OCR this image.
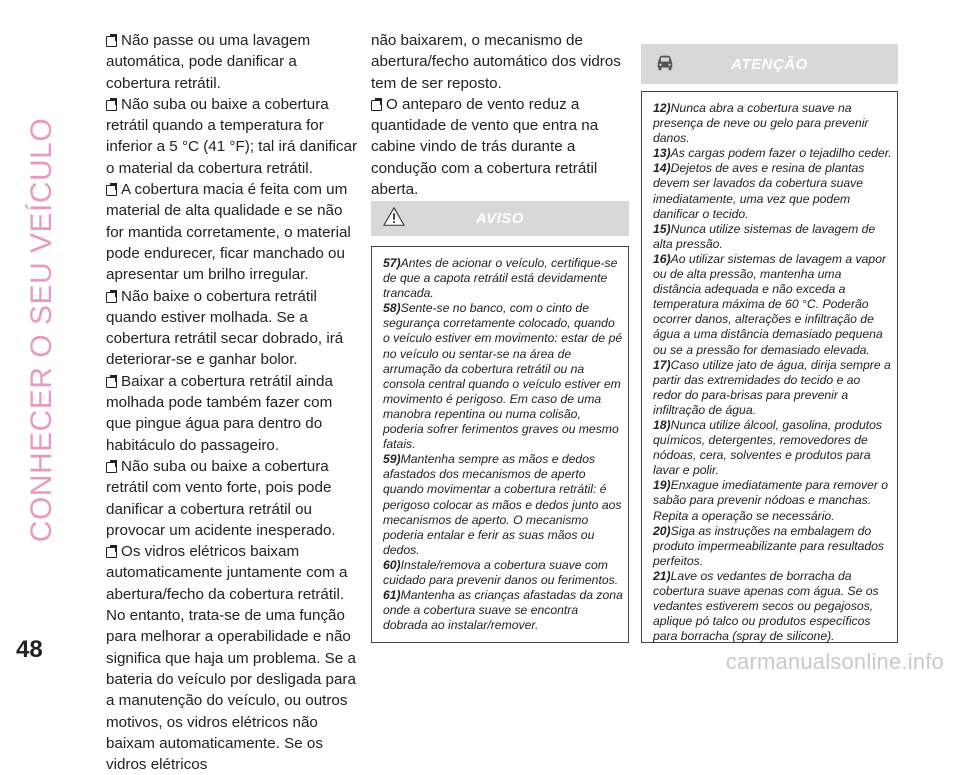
CONHECER O SEU VEÍCULO

Não passe ou uma lavagem automática, pode danificar a cobertura retrátil.

Não suba ou baixe a cobertura retrátil quando a temperatura for inferior a 5 °C (41 °F); tal irá danificar o material da cobertura retrátil.

A cobertura macia é feita com um material de alta qualidade e se não for mantida corretamente, o material pode endurecer, ficar manchado ou apresentar um brilho irregular.

Não baixe o cobertura retrátil quando estiver molhada. Se a cobertura retrátil secar dobrado, irá deteriorar-se e ganhar bolor.

Baixar a cobertura retrátil ainda molhada pode também fazer com que pingue água para dentro do habitáculo do passageiro.

Não suba ou baixe a cobertura retrátil com vento forte, pois pode danificar a cobertura retrátil ou provocar um acidente inesperado.

Os vidros elétricos baixam automaticamente juntamente com a abertura/fecho da cobertura retrátil. No entanto, trata-se de uma função para melhorar a operabilidade e não significa que haja um problema. Se a bateria do veículo por desligada para a manutenção do veículo, ou outros motivos, os vidros elétricos não baixam automaticamente. Se os vidros elétricos

não baixarem, o mecanismo de abertura/fecho automático dos vidros tem de ser reposto.

O anteparo de vento reduz a quantidade de vento que entra na cabine vindo de trás durante a condução com a cobertura retrátil aberta.

AVISO

57)Antes de acionar o veículo, certifique-se de que a capota retrátil está devidamente trancada.

58)Sente-se no banco, com o cinto de segurança corretamente colocado, quando o veículo estiver em movimento: estar de pé no veículo ou sentar-se na área de arrumação da cobertura retrátil ou na consola central quando o veículo estiver em movimento é perigoso. Em caso de uma manobra repentina ou numa colisão, poderia sofrer ferimentos graves ou mesmo fatais.

59)Mantenha sempre as mãos e dedos afastados dos mecanismos de aperto quando movimentar a cobertura retrátil: é perigoso colocar as mãos e dedos junto aos mecanismos de aperto. O mecanismo poderia entalar e ferir as suas mãos ou dedos.

60)Instale/remova a cobertura suave com cuidado para prevenir danos ou ferimentos.

61)Mantenha as crianças afastadas da zona onde a cobertura suave se encontra dobrada ao instalar/remover.

ATENÇÃO

12)Nunca abra a cobertura suave na presença de neve ou gelo para prevenir danos.

13)As cargas podem fazer o tejadilho ceder.

14)Dejetos de aves e resina de plantas devem ser lavados da cobertura suave imediatamente, uma vez que podem danificar o tecido.

15)Nunca utilize sistemas de lavagem de alta pressão.

16)Ao utilizar sistemas de lavagem a vapor ou de alta pressão, mantenha uma distância adequada e não exceda a temperatura máxima de 60 °C. Poderão ocorrer danos, alterações e infiltração de água a uma distância demasiado pequena ou se a pressão for demasiado elevada.

17)Caso utilize jato de água, dirija sempre a partir das extremidades do tecido e ao redor do para-brisas para prevenir a infiltração de água.

18)Nunca utilize álcool, gasolina, produtos químicos, detergentes, removedores de nódoas, cera, solventes e produtos para lavar e polir.

19)Enxague imediatamente para remover o sabão para prevenir nódoas e manchas. Repita a operação se necessário.

20)Siga as instruções na embalagem do produto impermeabilizante para resultados perfeitos.

21)Lave os vedantes de borracha da cobertura suave apenas com água. Se os vedantes estiverem secos ou pegajosos, aplique pó talco ou produtos específicos para borracha (spray de silicone).

48	carmanualsonline.info
